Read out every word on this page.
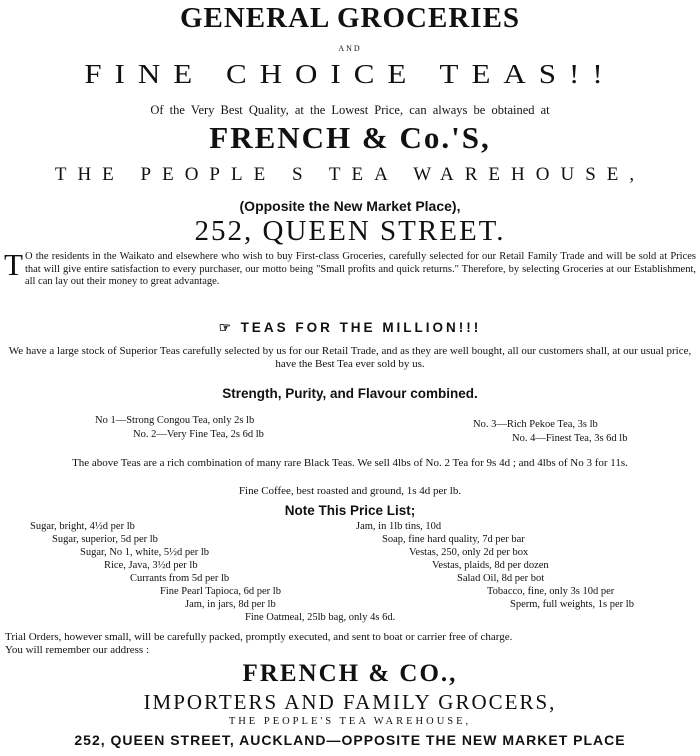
GENERAL GROCERIES
AND
FINE CHOICE TEAS!!
Of the Very Best Quality, at the Lowest Price, can always be obtained at
FRENCH & Co.'S,
THE PEOPLE S TEA WAREHOUSE,
(Opposite the New Market Place),
252, QUEEN STREET.
T O the residents in the Waikato and elsewhere who wish to buy First-class Groceries, carefully selected for our Retail Family Trade and will be sold at Prices that will give entire satisfaction to every purchaser, our motto being "Small profits and quick returns." Therefore, by selecting Groceries at our Establishment, all can lay out their money to great advantage.
☞ TEAS FOR THE MILLION!!!
We have a large stock of Superior Teas carefully selected by us for our Retail Trade, and as they are well bought, all our customers shall, at our usual price, have the Best Tea ever sold by us.
Strength, Purity, and Flavour combined.
No 1—Strong Congou Tea, only 2s lb
No. 2—Very Fine Tea, 2s 6d lb
No. 3—Rich Pekoe Tea, 3s lb
No. 4—Finest Tea, 3s 6d lb
The above Teas are a rich combination of many rare Black Teas. We sell 4lbs of No. 2 Tea for 9s 4d ; and 4lbs of No 3 for 11s.
Fine Coffee, best roasted and ground, 1s 4d per lb.
Note This Price List;
Sugar, bright, 4½d per lb
Sugar, superior, 5d per lb
Sugar, No 1, white, 5½d per lb
Rice, Java, 3½d per lb
Currants from 5d per lb
Fine Pearl Tapioca, 6d per lb
Jam, in jars, 8d per lb
Jam, in 1lb tins, 10d
Soap, fine hard quality, 7d per bar
Vestas, 250, only 2d per box
Vestas, plaids, 8d per dozen
Salad Oil, 8d per bot
Tobacco, fine, only 3s 10d per
Sperm, full weights, 1s per lb
Fine Oatmeal, 25lb bag, only 4s 6d.
Trial Orders, however small, will be carefully packed, promptly executed, and sent to boat or carrier free of charge.
You will remember our address :
FRENCH & CO.,
IMPORTERS AND FAMILY GROCERS,
THE PEOPLE'S TEA WAREHOUSE,
252, QUEEN STREET, AUCKLAND—OPPOSITE THE NEW MARKET PLACE
